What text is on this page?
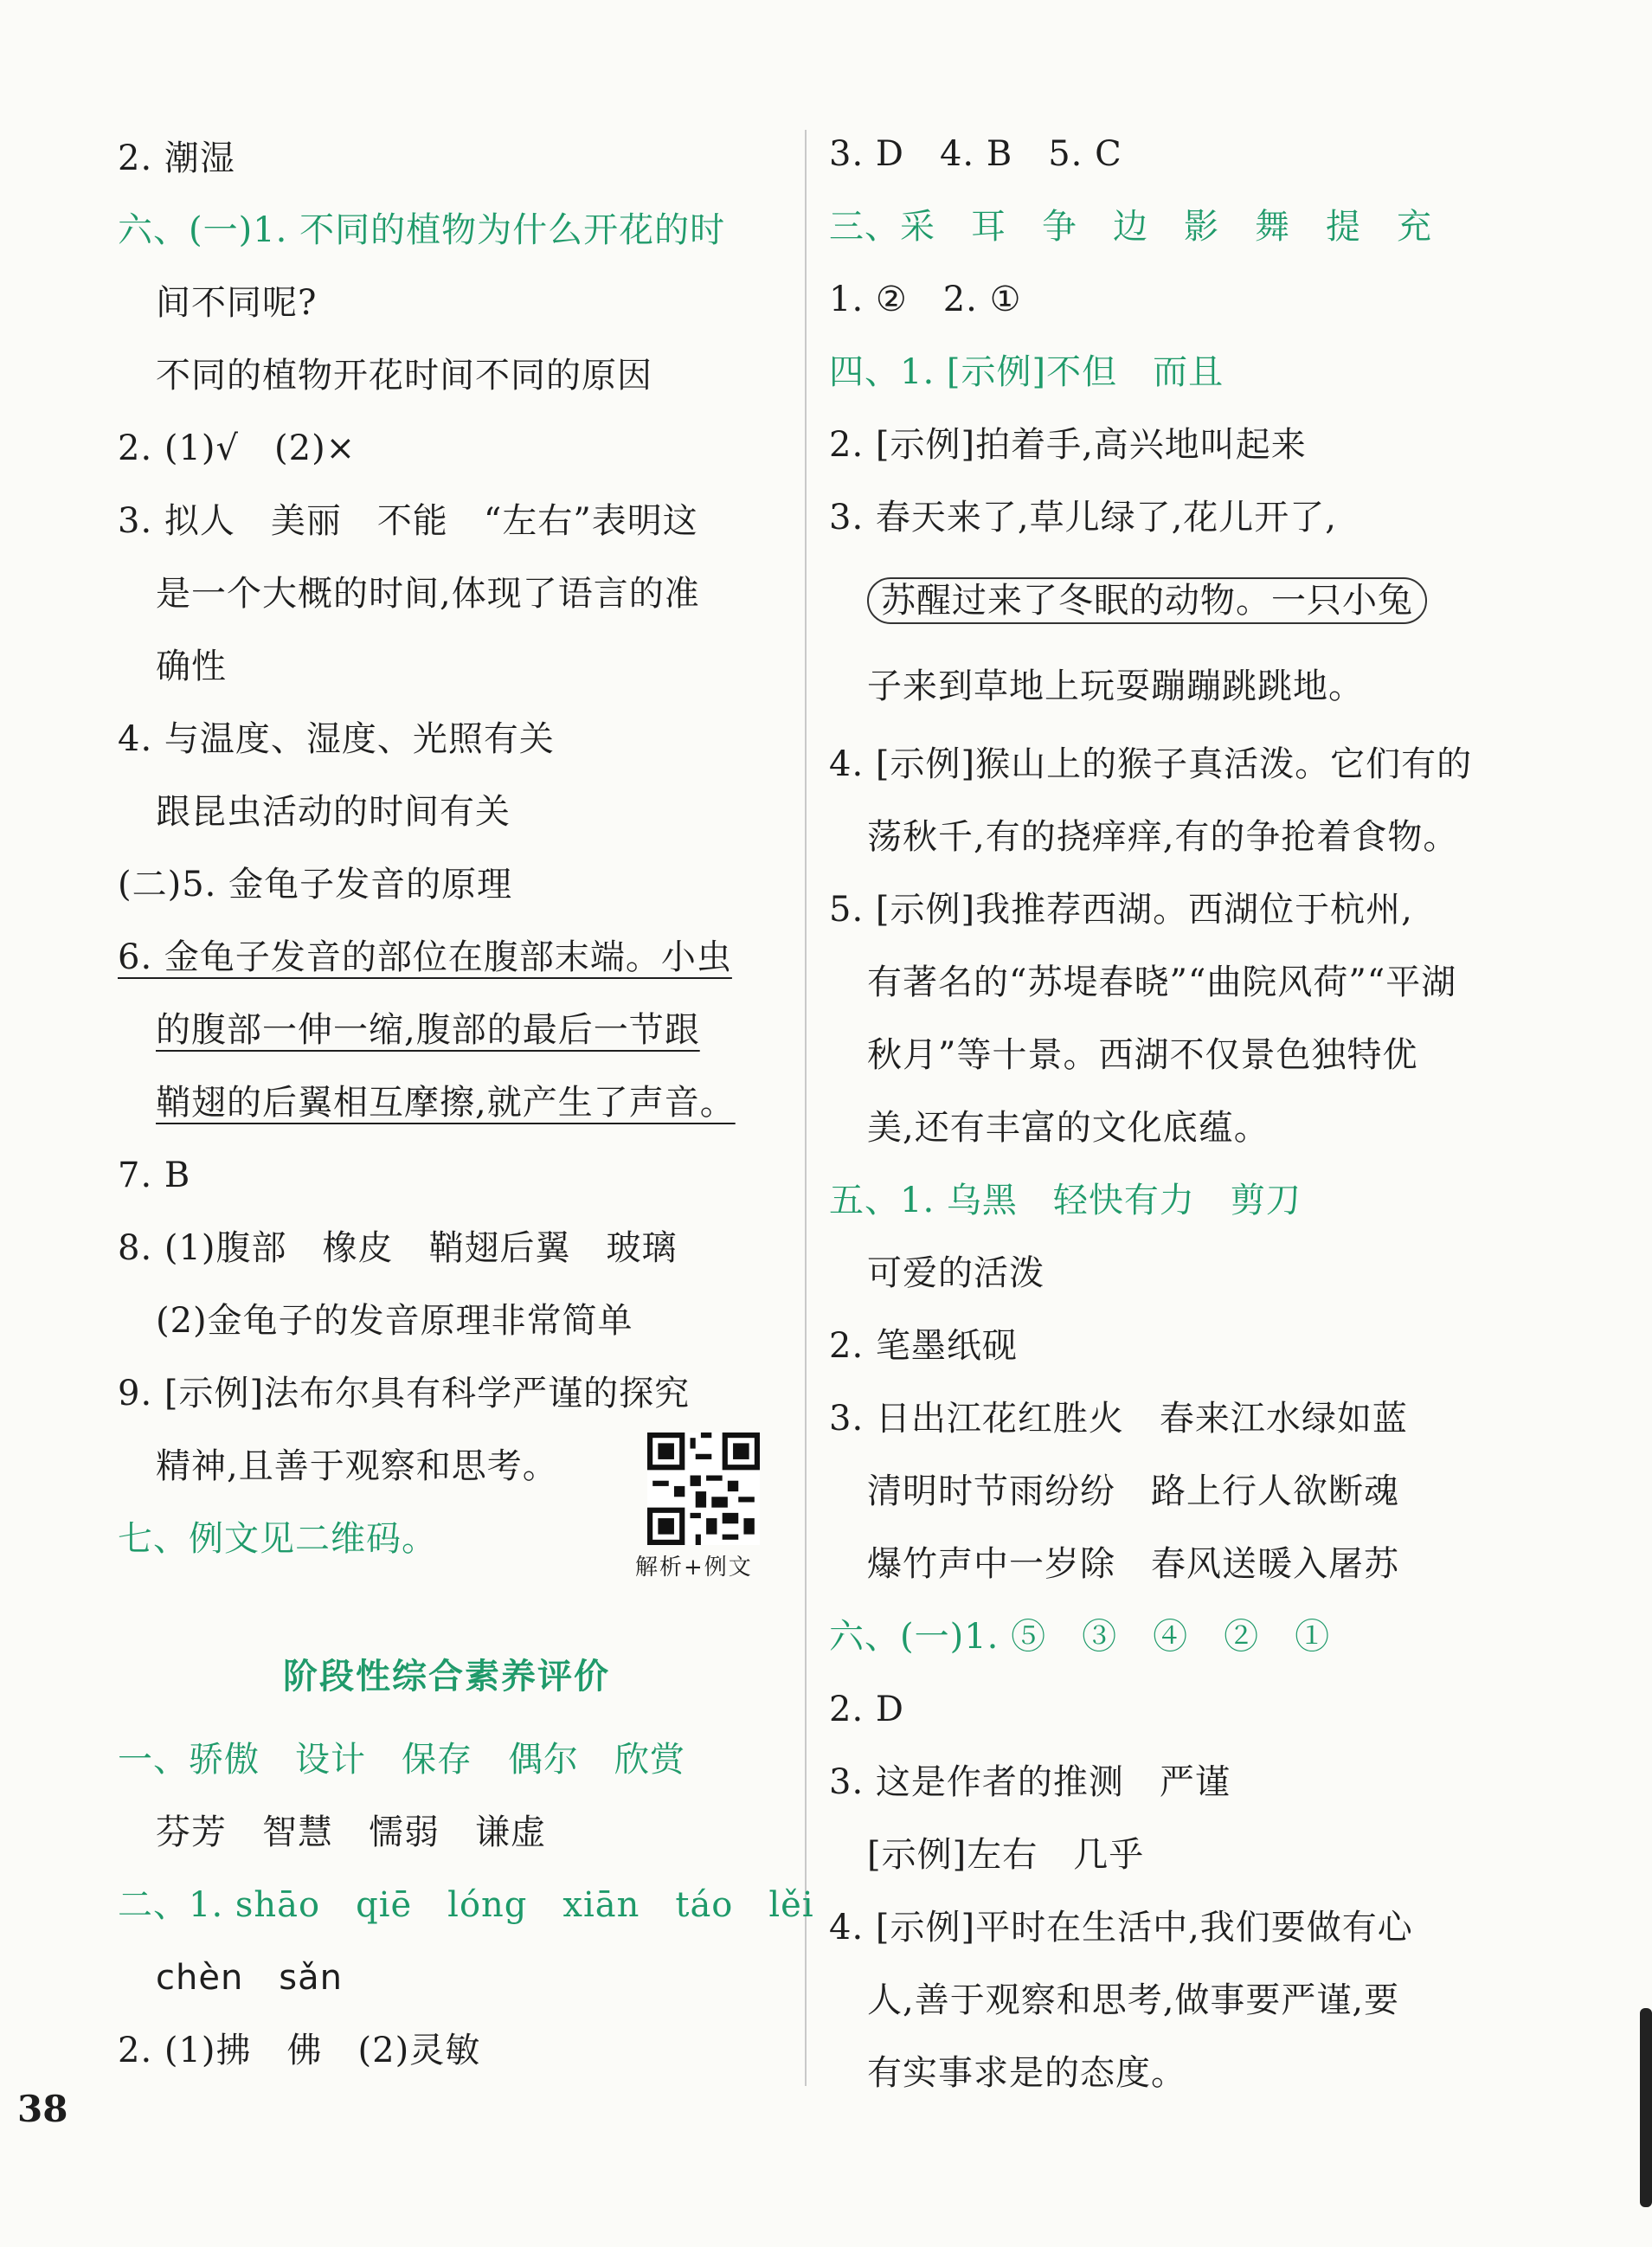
2. 潮湿
六、(一)1. 不同的植物为什么开花的时
间不同呢?
不同的植物开花时间不同的原因
2. (1)√　(2)×
3. 拟人　美丽　不能　“左右”表明这
是一个大概的时间,体现了语言的准
确性
4. 与温度、湿度、光照有关
跟昆虫活动的时间有关
(二)5. 金龟子发音的原理
6. 金龟子发音的部位在腹部末端。小虫
的腹部一伸一缩,腹部的最后一节跟
鞘翅的后翼相互摩擦,就产生了声音。
7. B
8. (1)腹部　橡皮　鞘翅后翼　玻璃
(2)金龟子的发音原理非常简单
9. [示例]法布尔具有科学严谨的探究
精神,且善于观察和思考。
七、例文见二维码。
解析+例文
阶段性综合素养评价
一、骄傲　设计　保存　偶尔　欣赏
芬芳　智慧　懦弱　谦虚
二、1. shāo　qiē　lóng　xiān　táo　lěi
chèn　sǎn
2. (1)拂　佛　(2)灵敏
3. D　4. B　5. C
三、采　耳　争　边　影　舞　提　充
1. ②　2. ①
四、1. [示例]不但　而且
2. [示例]拍着手,高兴地叫起来
3. 春天来了,草儿绿了,花儿开了,
苏醒过来了冬眠的动物。一只小兔
子来到草地上玩耍蹦蹦跳跳地。
4. [示例]猴山上的猴子真活泼。它们有的
荡秋千,有的挠痒痒,有的争抢着食物。
5. [示例]我推荐西湖。西湖位于杭州,
有著名的“苏堤春晓”“曲院风荷”“平湖
秋月”等十景。西湖不仅景色独特优
美,还有丰富的文化底蕴。
五、1. 乌黑　轻快有力　剪刀
可爱的活泼
2. 笔墨纸砚
3. 日出江花红胜火　春来江水绿如蓝
清明时节雨纷纷　路上行人欲断魂
爆竹声中一岁除　春风送暖入屠苏
六、(一)1. ⑤　③　④　②　①
2. D
3. 这是作者的推测　严谨
[示例]左右　几乎
4. [示例]平时在生活中,我们要做有心
人,善于观察和思考,做事要严谨,要
有实事求是的态度。
38
